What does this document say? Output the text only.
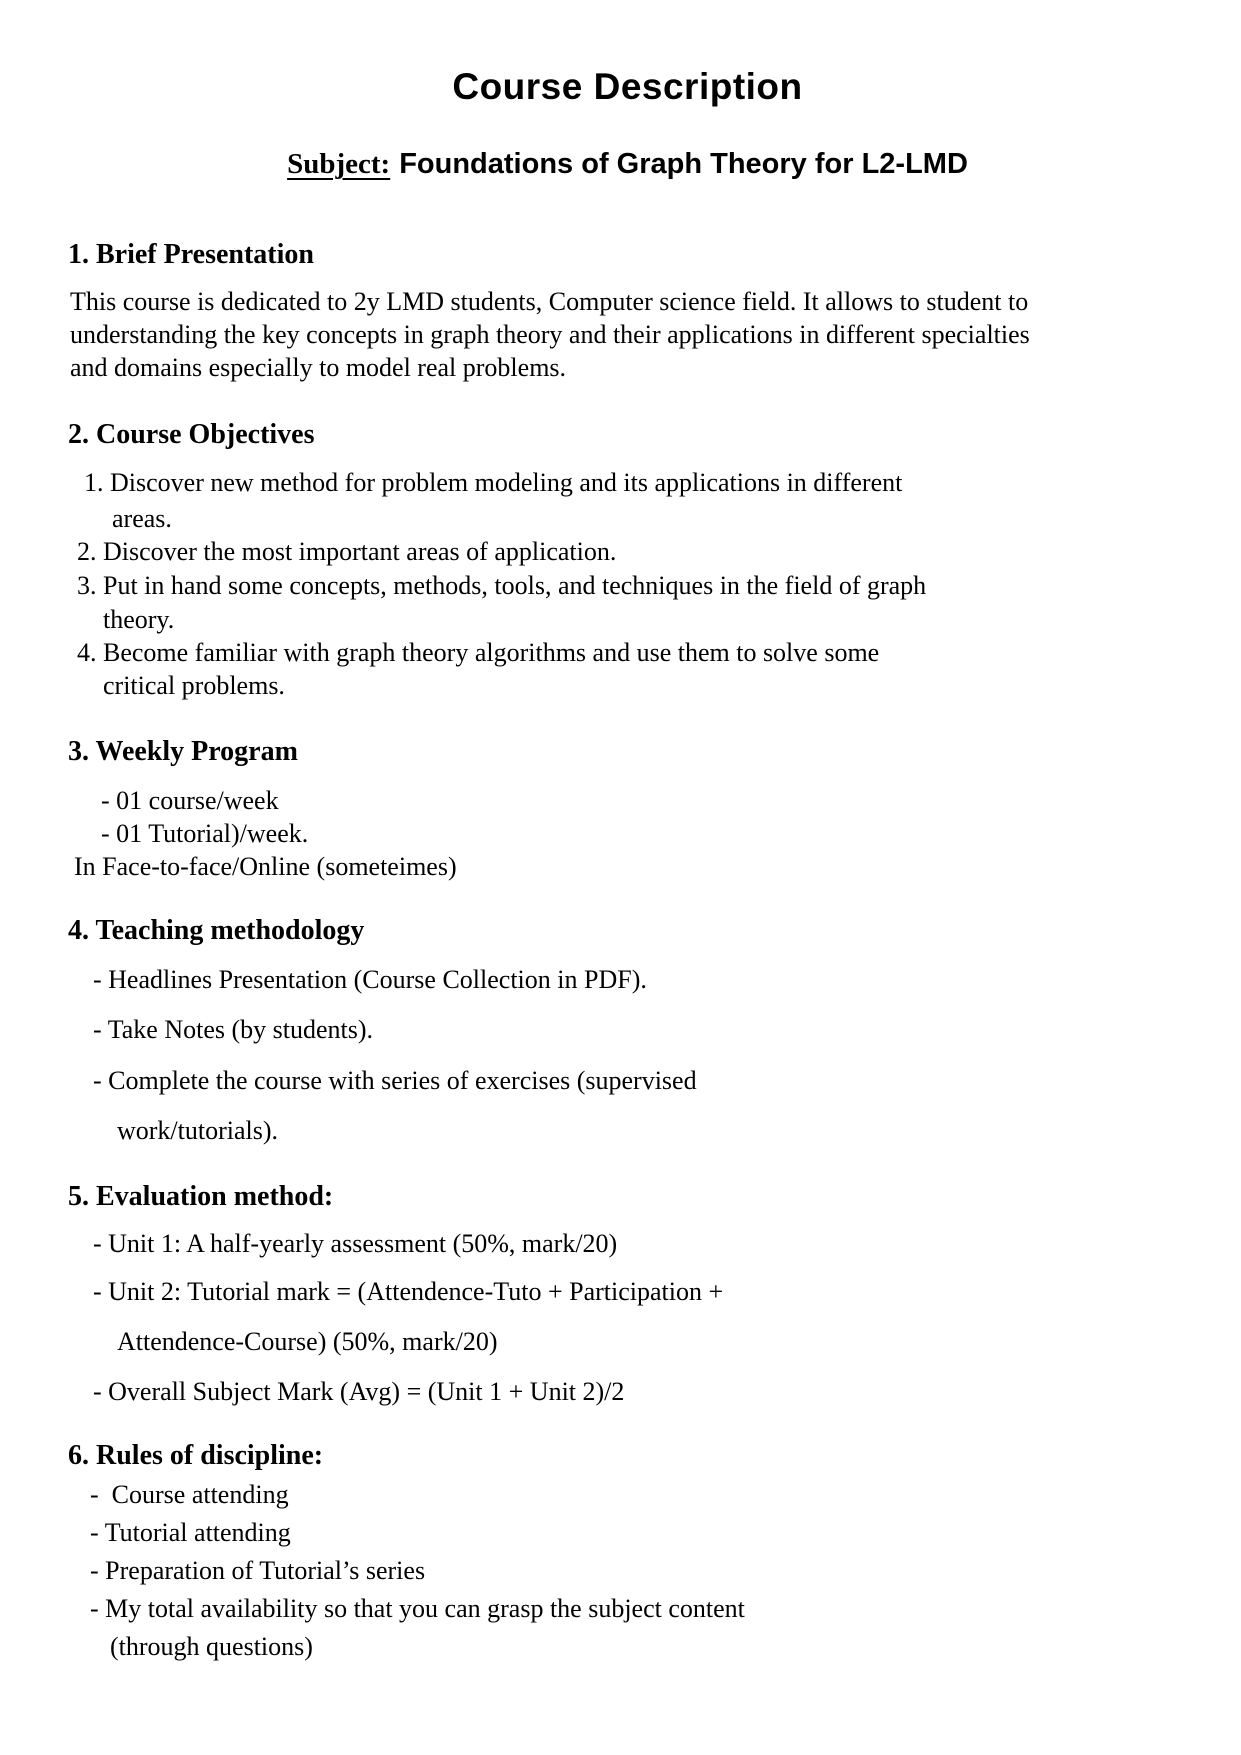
Course Description
Subject: Foundations of Graph Theory for L2-LMD
1. Brief Presentation
This course is dedicated to 2y LMD students, Computer science field. It allows to student to
understanding the key concepts in graph theory and their applications in different specialties
and domains especially to model real problems.
2. Course Objectives
1. Discover new method for problem modeling and its applications in different
areas.
2. Discover the most important areas of application.
3. Put in hand some concepts, methods, tools, and techniques in the field of graph
theory.
4. Become familiar with graph theory algorithms and use them to solve some
critical problems.
3. Weekly Program
- 01 course/week
- 01 Tutorial)/week.
In Face-to-face/Online (someteimes)
4. Teaching methodology
- Headlines Presentation (Course Collection in PDF).
- Take Notes (by students).
- Complete the course with series of exercises (supervised
work/tutorials).
5. Evaluation method:
- Unit 1: A half-yearly assessment (50%, mark/20)
- Unit 2: Tutorial mark = (Attendence-Tuto + Participation +
Attendence-Course) (50%, mark/20)
- Overall Subject Mark (Avg) = (Unit 1 + Unit 2)/2
6. Rules of discipline:
-  Course attending
- Tutorial attending
- Preparation of Tutorial’s series
- My total availability so that you can grasp the subject content
(through questions)
